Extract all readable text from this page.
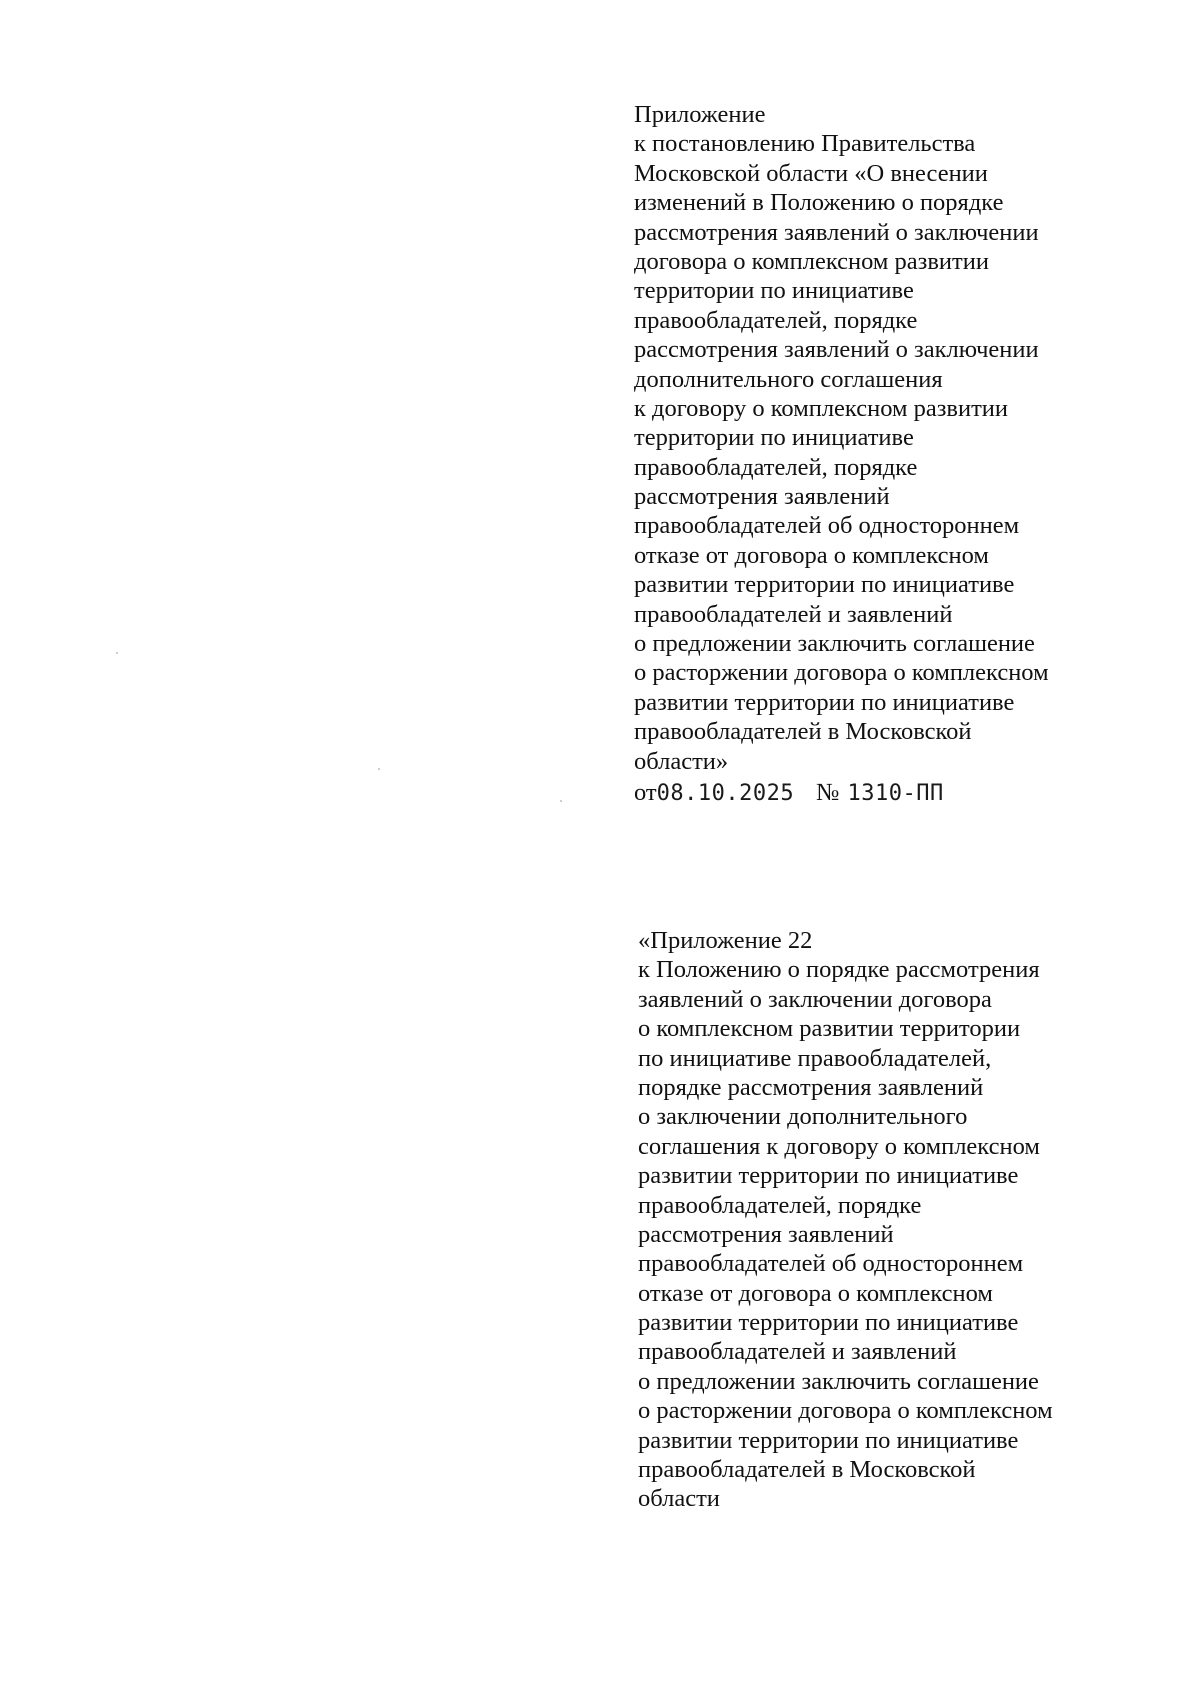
Приложение
к постановлению Правительства
Московской области «О внесении
изменений в Положению о порядке
рассмотрения заявлений о заключении
договора о комплексном развитии
территории по инициативе
правообладателей, порядке
рассмотрения заявлений о заключении
дополнительного соглашения
к договору о комплексном развитии
территории по инициативе
правообладателей, порядке
рассмотрения заявлений
правообладателей об одностороннем
отказе от договора о комплексном
развитии территории по инициативе
правообладателей и заявлений
о предложении заключить соглашение
о расторжении договора о комплексном
развитии территории по инициативе
правообладателей в Московской
области»
от08.10.2025 № 1310-ПП
«Приложение 22
к Положению о порядке рассмотрения
заявлений о заключении договора
о комплексном развитии территории
по инициативе правообладателей,
порядке рассмотрения заявлений
о заключении дополнительного
соглашения к договору о комплексном
развитии территории по инициативе
правообладателей, порядке
рассмотрения заявлений
правообладателей об одностороннем
отказе от договора о комплексном
развитии территории по инициативе
правообладателей и заявлений
о предложении заключить соглашение
о расторжении договора о комплексном
развитии территории по инициативе
правообладателей в Московской
области
